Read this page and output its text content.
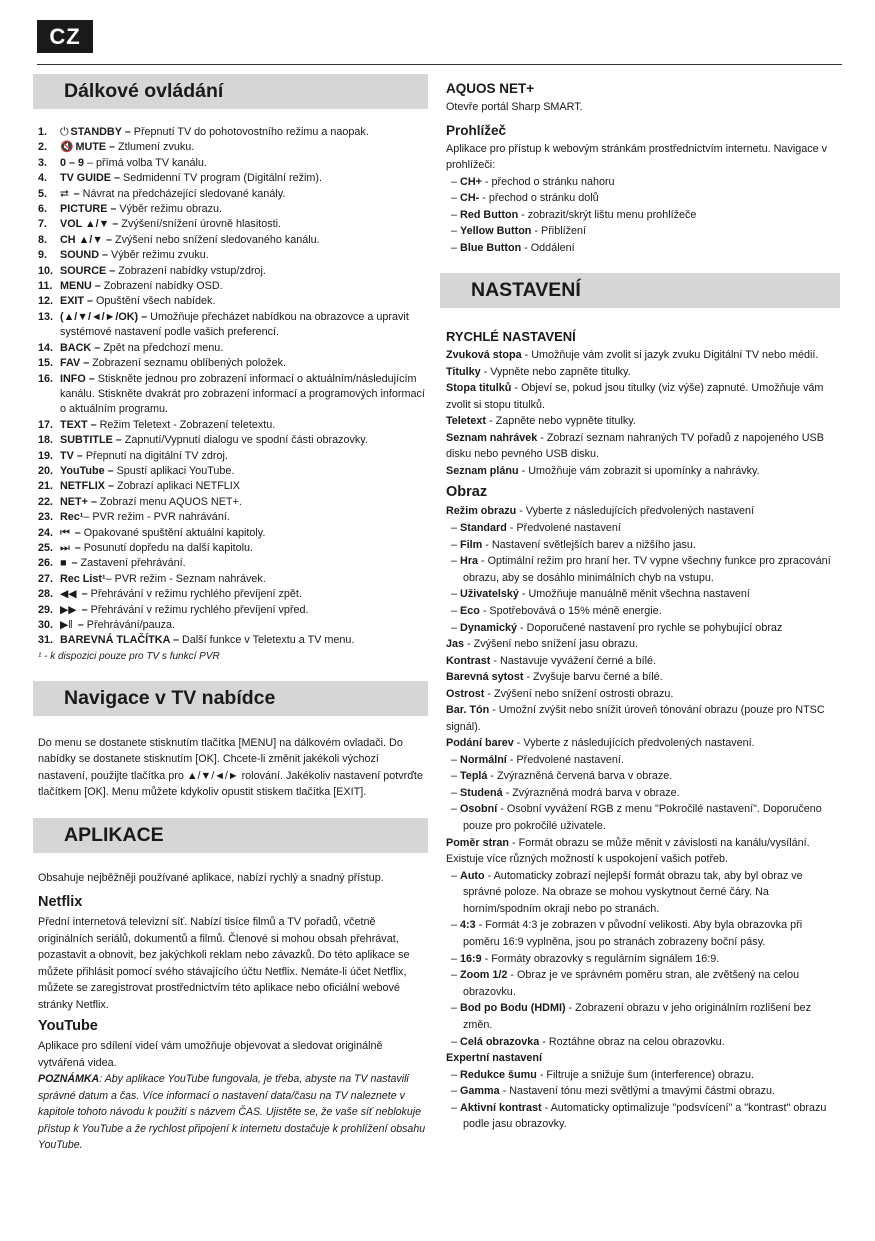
CZ
Dálkové ovládání
1.	⏻ STANDBY – Přepnutí TV do pohotovostního režimu a naopak.
2.	🔇 MUTE – Ztlumení zvuku.
3.	0 – 9 – přímá volba TV kanálu.
4.	TV GUIDE – Sedmidenní TV program (Digitální režim).
5.	⮂ – Návrat na předcházející sledované kanály.
6.	PICTURE – Výběr režimu obrazu.
7.	VOL ▲/▼ – Zvýšení/snížení úrovně hlasitosti.
8.	CH ▲/▼ – Zvýšení nebo snížení sledovaného kanálu.
9.	SOUND – Výběr režimu zvuku.
10. SOURCE – Zobrazení nabídky vstup/zdroj.
11. MENU – Zobrazení nabídky OSD.
12. EXIT – Opuštění všech nabídek.
13. (▲/▼/◄/►/OK) – Umožňuje přecházet nabídkou na obrazovce a upravit systémové nastavení podle vašich preferencí.
14. BACK – Zpět na předchozí menu.
15. FAV – Zobrazení seznamu oblíbených položek.
16. INFO – Stiskněte jednou pro zobrazení informací o aktuálním/následujícím kanálu. Stiskněte dvakrát pro zobrazení informací a programových informací o aktuálním programu.
17. TEXT – Režim Teletext - Zobrazení teletextu.
18. SUBTITLE – Zapnutí/Vypnutí dialogu ve spodní části obrazovky.
19. TV – Přepnutí na digitální TV zdroj.
20. YouTube – Spustí aplikaci YouTube.
21. NETFLIX – Zobrazí aplikaci NETFLIX
22. NET+ – Zobrazí menu AQUOS NET+.
23. Rec¹– PVR režim - PVR nahrávání.
24. ⏮ – Opakované spuštění aktuální kapitoly.
25. ⏭ – Posunutí dopředu na další kapitolu.
26. ■ – Zastavení přehrávání.
27. Rec List¹– PVR režim - Seznam nahrávek.
28. ◀◀ – Přehrávání v režimu rychlého převíjení zpět.
29. ▶▶ – Přehrávání v režimu rychlého převíjení vpřed.
30. ▶‖ – Přehrávání/pauza.
31. BAREVNÁ TLAČÍTKA – Další funkce v Teletextu a TV menu.
¹ - k dispozici pouze pro TV s funkcí PVR
Navigace v TV nabídce

Do menu se dostanete stisknutím tlačítka [MENU] na dálkovém ovladači. Do nabídky se dostanete stisknutím [OK]. Chcete-li změnit jakékoli výchozí nastavení, použijte tlačítka pro ▲/▼/◄/► rolování. Jakékoliv nastavení potvrďte tlačítkem [OK]. Menu můžete kdykoliv opustit stiskem tlačítka [EXIT].

APLIKACE

Obsahuje nejběžněji používané aplikace, nabízí rychlý a snadný přístup.

Netflix

Přední internetová televizní síť. Nabízí tisíce filmů a TV pořadů, včetně originálních seriálů, dokumentů a filmů. Členové si mohou obsah přehrávat, pozastavit a obnovit, bez jakýchkoli reklam nebo závazků. Do této aplikace se můžete přihlásit pomocí svého stávajícího účtu Netflix. Nemáte-li účet Netflix, můžete se zaregistrovat prostřednictvím této aplikace nebo oficiální webové stránky Netflix.

YouTube

Aplikace pro sdílení videí vám umožňuje objevovat a sledovat originálně vytvářená videa.

POZNÁMKA: Aby aplikace YouTube fungovala, je třeba, abyste na TV nastavili správné datum a čas. Více informací o nastavení data/času na TV naleznete v kapitole tohoto návodu k použití s názvem ČAS. Ujistěte se, že vaše síť neblokuje přístup k YouTube a že rychlost připojení k internetu dostačuje k prohlížení obsahu YouTube.

AQUOS NET+

Otevře portál Sharp SMART.

Prohlížeč

Aplikace pro přístup k webovým stránkám prostřednictvím internetu. Navigace v prohlížeči:

– CH+ - přechod o stránku nahoru
– CH- - přechod o stránku dolů
– Red Button - zobrazit/skrýt lištu menu prohlížeče
– Yellow Button - Přiblížení
– Blue Button - Oddálení
NASTAVENÍ
RYCHLÉ NASTAVENÍ

Zvuková stopa - Umožňuje vám zvolit si jazyk zvuku Digitální TV nebo médií.

Titulky - Vypněte nebo zapněte titulky.

Stopa titulků - Objeví se, pokud jsou titulky (viz výše) zapnuté. Umožňuje vám zvolit si stopu titulků.

Teletext - Zapněte nebo vypněte titulky.

Seznam nahrávek - Zobrazí seznam nahraných TV pořadů z napojeného USB disku nebo pevného USB disku.

Seznam plánu - Umožňuje vám zobrazit si upomínky a nahrávky.

Obraz

Režim obrazu - Vyberte z následujících předvolených nastavení

– Standard - Předvolené nastavení
– Film - Nastavení světlejších barev a nižšího jasu.
– Hra - Optimální režim pro hraní her. TV vypne všechny funkce pro zpracování obrazu, aby se dosáhlo minimálních chyb na vstupu.
– Uživatelský - Umožňuje manuálně měnit všechna nastavení
– Eco - Spotřebovává o 15% méně energie.
– Dynamický - Doporučené nastavení pro rychle se pohybující obraz

Jas - Zvýšení nebo snížení jasu obrazu.

Kontrast - Nastavuje vyvážení černé a bílé.

Barevná sytost - Zvyšuje barvu černé a bílé.

Ostrost - Zvýšení nebo snížení ostrosti obrazu.

Bar. Tón - Umožní zvýšit nebo snížit úroveň tónování obrazu (pouze pro NTSC signál).

Podání barev - Vyberte z následujících předvolených nastavení.

– Normální - Předvolené nastavení.
– Teplá - Zvýrazněná červená barva v obraze.
– Studená - Zvýrazněná modrá barva v obraze.
– Osobní - Osobní vyvážení RGB z menu "Pokročilé nastavení". Doporučeno pouze pro pokročilé uživatele.

Poměr stran - Formát obrazu se může měnit v závislosti na kanálu/vysílání. Existuje více různých možností k uspokojení vašich potřeb.

– Auto - Automaticky zobrazí nejlepší formát obrazu tak, aby byl obraz ve správné poloze. Na obraze se mohou vyskytnout černé čáry. Na horním/spodním okraji nebo po stranách.
– 4:3 - Formát 4:3 je zobrazen v původní velikosti. Aby byla obrazovka při poměru 16:9 vyplněna, jsou po stranách zobrazeny boční pásy.
– 16:9 - Formáty obrazovky s regulárním signálem 16:9.
– Zoom 1/2 - Obraz je ve správném poměru stran, ale zvětšený na celou obrazovku.
– Bod po Bodu (HDMI) - Zobrazení obrazu v jeho originálním rozlišení bez změn.
– Celá obrazovka - Roztáhne obraz na celou obrazovku.

Expertní nastavení

– Redukce šumu - Filtruje a snižuje šum (interference) obrazu.
– Gamma - Nastavení tónu mezi světlými a tmavými částmi obrazu.
– Aktivní kontrast - Automaticky optimalizuje "podsvícení" a "kontrast" obrazu podle jasu obrazovky.
